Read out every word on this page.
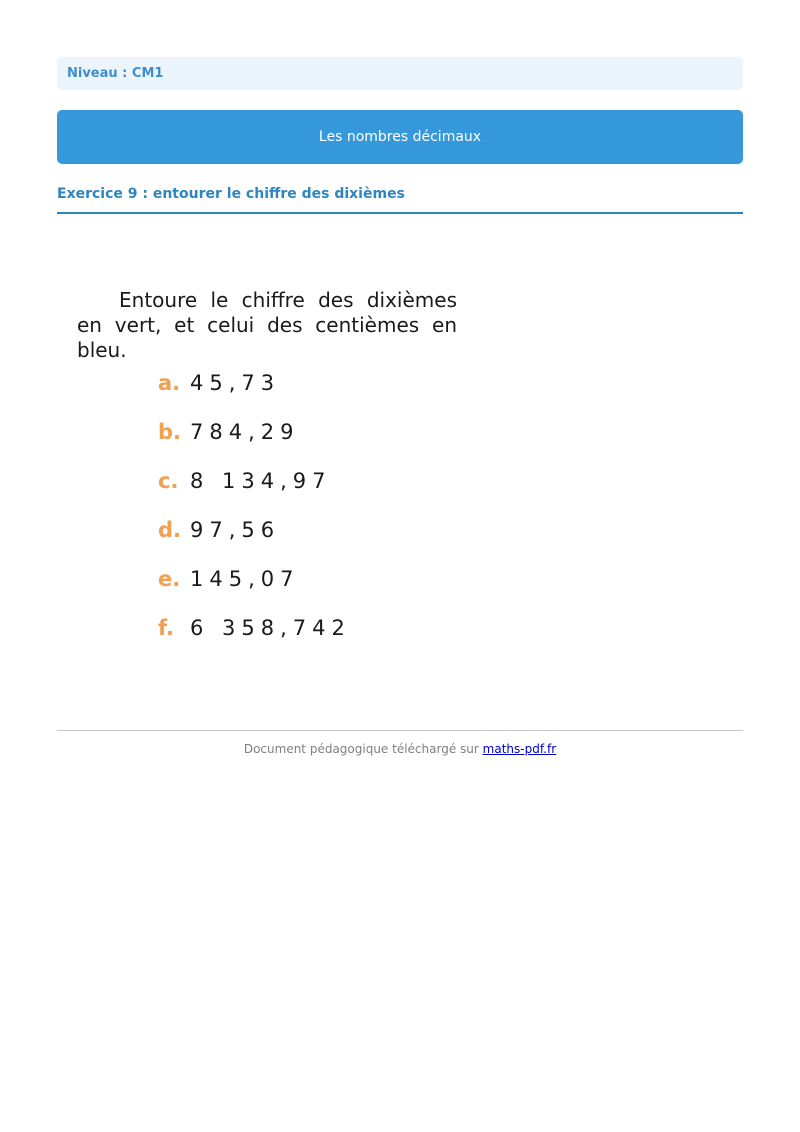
Niveau : CM1
Les nombres décimaux
Exercice 9 : entourer le chiffre des dixièmes

Entoure le chiffre des dixièmes en vert, et celui des centièmes en bleu.

a. 45,73
b. 784,29
c. 8 134,97
d. 97,56
e. 145,07
f. 6 358,742
Document pédagogique téléchargé sur maths-pdf.fr
